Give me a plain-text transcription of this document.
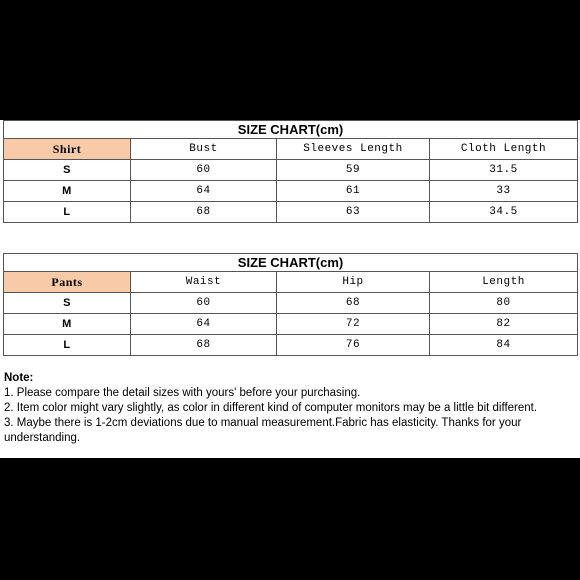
SIZE CHART(cm)			
Shirt	Bust	Sleeves Length	Cloth Length
S	60	59	31.5
M	64	61	33
L	68	63	34.5
SIZE CHART(cm)			
Pants	Waist	Hip	Length
S	60	68	80
M	64	72	82
L	68	76	84
Note:
1. Please compare the detail sizes with yours' before your purchasing.
2. Item color might vary slightly, as color in different kind of computer monitors may be a little bit different.
3. Maybe there is 1-2cm deviations due to manual measurement.Fabric has elasticity. Thanks for your understanding.
